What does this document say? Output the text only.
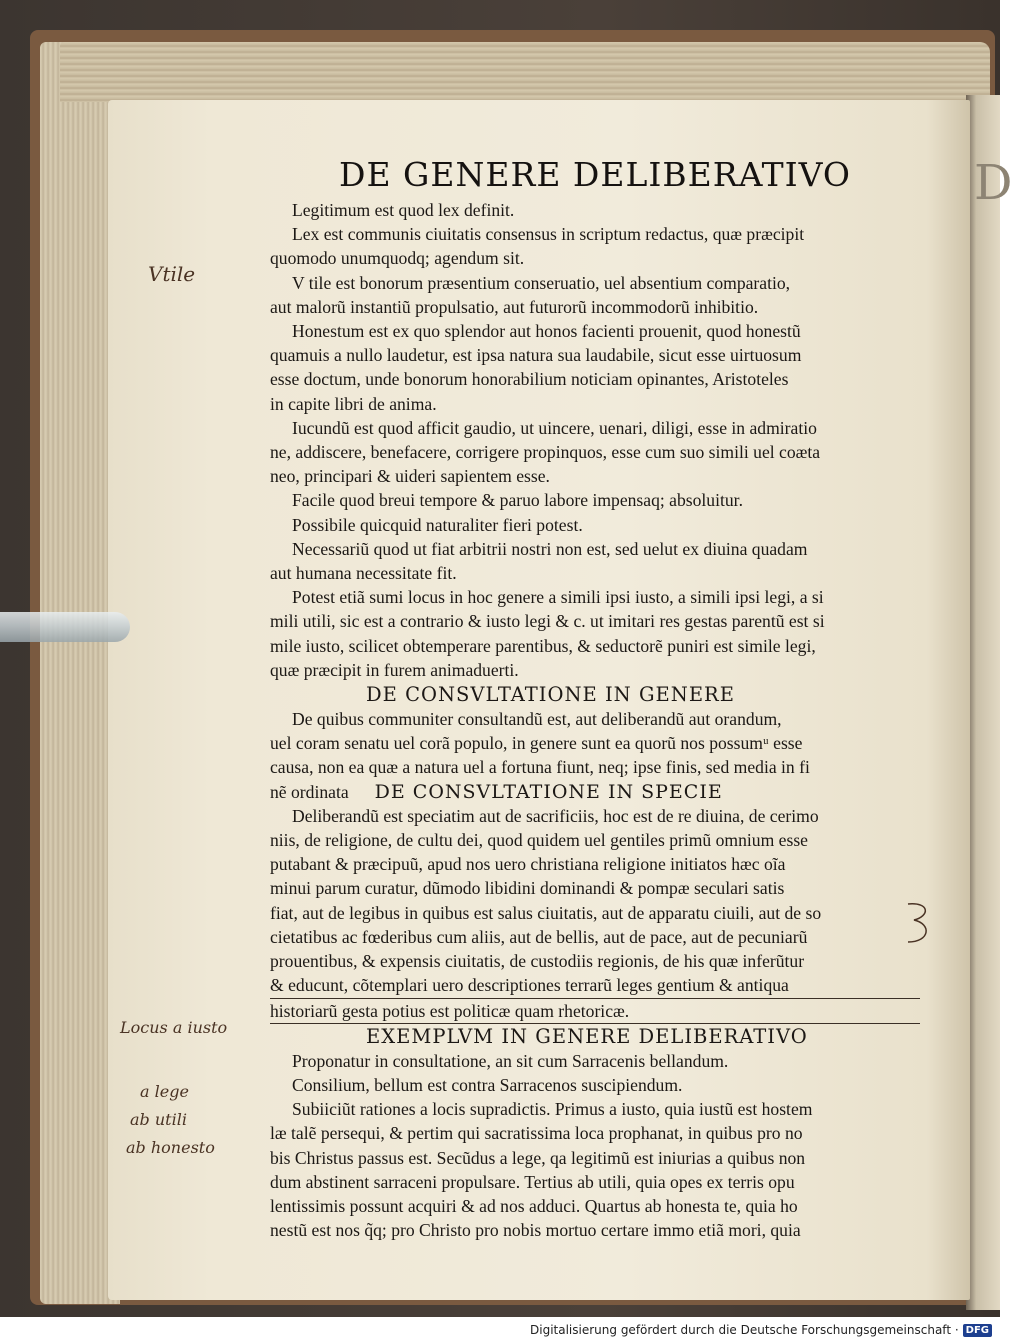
D
Vtile
Locus a iusto
a lege
ab utili
ab honesto
DE GENERE DELIBERATIVO
Legitimum est quod lex definit.
Lex est communis ciuitatis consensus in scriptum redactus, quæ præcipit
quomodo unumquodq; agendum sit.
V tile est bonorum præsentium conseruatio, uel absentium comparatio,
aut malorũ instantiũ propulsatio, aut futurorũ incommodorũ inhibitio.
Honestum est ex quo splendor aut honos facienti prouenit, quod honestũ
quamuis a nullo laudetur, est ipsa natura sua laudabile, sicut esse uirtuosum
esse doctum, unde bonorum honorabilium noticiam opinantes, Aristoteles
in capite libri de anima.
Iucundũ est quod afficit gaudio, ut uincere, uenari, diligi, esse in admiratio
ne, addiscere, benefacere, corrigere propinquos, esse cum suo simili uel coæta
neo, principari & uideri sapientem esse.
Facile quod breui tempore & paruo labore impensaq; absoluitur.
Possibile quicquid naturaliter fieri potest.
Necessariũ quod ut fiat arbitrii nostri non est, sed uelut ex diuina quadam
aut humana necessitate fit.
Potest etiã sumi locus in hoc genere a simili ipsi iusto, a simili ipsi legi, a si
mili utili, sic est a contrario & iusto legi & c. ut imitari res gestas parentũ est si
mile iusto, scilicet obtemperare parentibus, & seductorẽ puniri est simile legi,
quæ præcipit in furem animaduerti.
DE CONSVLTATIONE IN GENERE
De quibus communiter consultandũ est, aut deliberandũ aut orandum,
uel coram senatu uel corã populo, in genere sunt ea quorũ nos possumᵘ esse
causa, non ea quæ a natura uel a fortuna fiunt, neq; ipse finis, sed media in fi
nẽ ordinata DE CONSVLTATIONE IN SPECIE
Deliberandũ est speciatim aut de sacrificiis, hoc est de re diuina, de cerimo
niis, de religione, de cultu dei, quod quidem uel gentiles primũ omnium esse
putabant & præcipuũ, apud nos uero christiana religione initiatos hæc oĩa
minui parum curatur, dũmodo libidini dominandi & pompæ seculari satis
fiat, aut de legibus in quibus est salus ciuitatis, aut de apparatu ciuili, aut de so
cietatibus ac fœderibus cum aliis, aut de bellis, aut de pace, aut de pecuniarũ
prouentibus, & expensis ciuitatis, de custodiis regionis, de his quæ inferũtur
& educunt, cõtemplari uero descriptiones terrarũ leges gentium & antiqua
historiarũ gesta potius est politicæ quam rhetoricæ.
EXEMPLVM IN GENERE DELIBERATIVO
Proponatur in consultatione, an sit cum Sarracenis bellandum.
Consilium, bellum est contra Sarracenos suscipiendum.
Subiiciũt rationes a locis supradictis. Primus a iusto, quia iustũ est hostem
læ talẽ persequi, & pertim qui sacratissima loca prophanat, in quibus pro no
bis Christus passus est. Secũdus a lege, qa legitimũ est iniurias a quibus non
dum abstinent sarraceni propulsare. Tertius ab utili, quia opes ex terris opu
lentissimis possunt acquiri & ad nos adduci. Quartus ab honesta te, quia ho
nestũ est nos q̃q; pro Christo pro nobis mortuo certare immo etiã mori, quia
Digitalisierung gefördert durch die Deutsche Forschungsgemeinschaft · DFG
